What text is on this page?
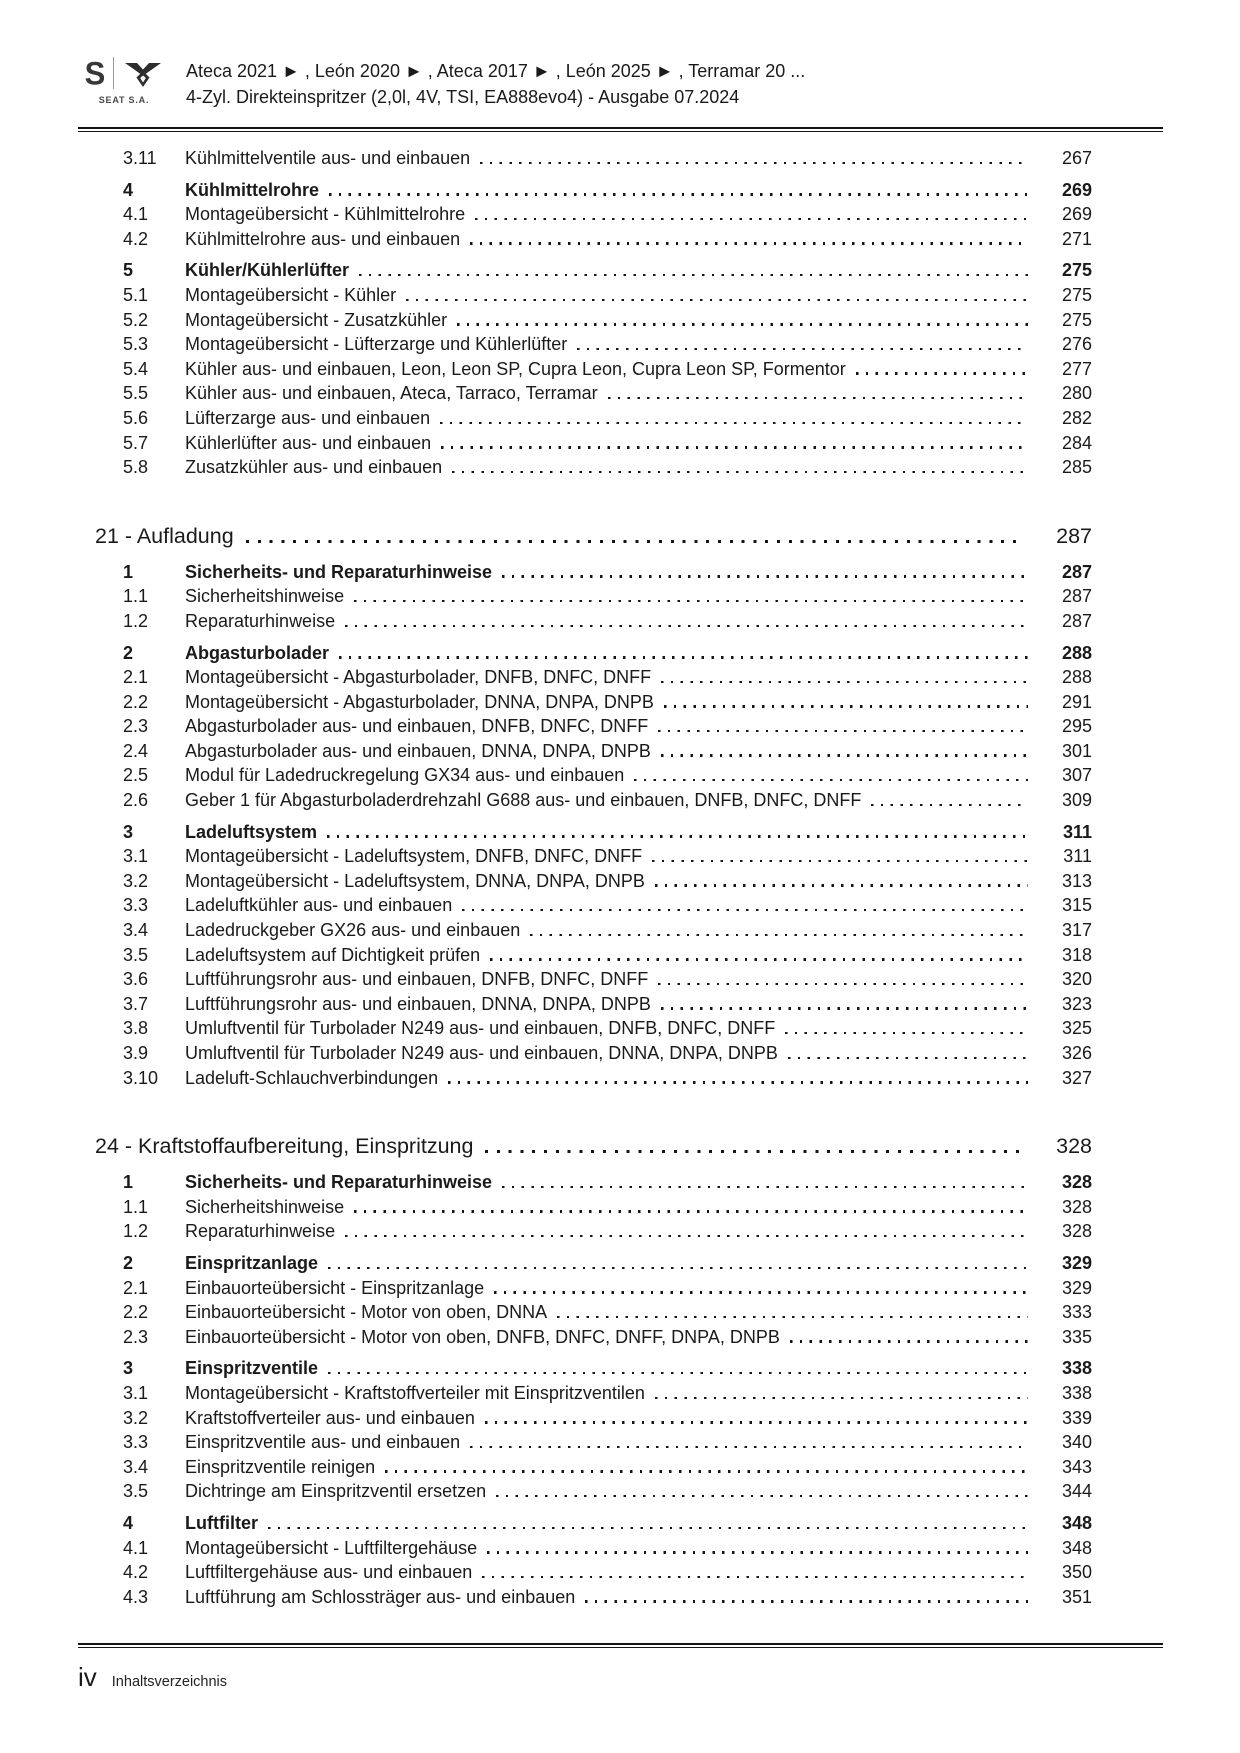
S
SEAT S.A.
Ateca 2021 ► , León 2020 ► , Ateca 2017 ► , León 2025 ► , Terramar 20 ...
4-Zyl. Direkteinspritzer (2,0l, 4V, TSI, EA888evo4) - Ausgabe 07.2024
3.11	Kühlmittelventile aus- und einbauen	267
4	Kühlmittelrohre	269
4.1	Montageübersicht - Kühlmittelrohre	269
4.2	Kühlmittelrohre aus- und einbauen	271
5	Kühler/Kühlerlüfter	275
5.1	Montageübersicht - Kühler	275
5.2	Montageübersicht - Zusatzkühler	275
5.3	Montageübersicht - Lüfterzarge und Kühlerlüfter	276
5.4	Kühler aus- und einbauen, Leon, Leon SP, Cupra Leon, Cupra Leon SP, Formentor	277
5.5	Kühler aus- und einbauen, Ateca, Tarraco, Terramar	280
5.6	Lüfterzarge aus- und einbauen	282
5.7	Kühlerlüfter aus- und einbauen	284
5.8	Zusatzkühler aus- und einbauen	285
21 - Aufladung	287
1	Sicherheits- und Reparaturhinweise	287
1.1	Sicherheitshinweise	287
1.2	Reparaturhinweise	287
2	Abgasturbolader	288
2.1	Montageübersicht - Abgasturbolader, DNFB, DNFC, DNFF	288
2.2	Montageübersicht - Abgasturbolader, DNNA, DNPA, DNPB	291
2.3	Abgasturbolader aus- und einbauen, DNFB, DNFC, DNFF	295
2.4	Abgasturbolader aus- und einbauen, DNNA, DNPA, DNPB	301
2.5	Modul für Ladedruckregelung GX34 aus- und einbauen	307
2.6	Geber 1 für Abgasturboladerdrehzahl G688 aus- und einbauen, DNFB, DNFC, DNFF	309
3	Ladeluftsystem	311
3.1	Montageübersicht - Ladeluftsystem, DNFB, DNFC, DNFF	311
3.2	Montageübersicht - Ladeluftsystem, DNNA, DNPA, DNPB	313
3.3	Ladeluftkühler aus- und einbauen	315
3.4	Ladedruckgeber GX26 aus- und einbauen	317
3.5	Ladeluftsystem auf Dichtigkeit prüfen	318
3.6	Luftführungsrohr aus- und einbauen, DNFB, DNFC, DNFF	320
3.7	Luftführungsrohr aus- und einbauen, DNNA, DNPA, DNPB	323
3.8	Umluftventil für Turbolader N249 aus- und einbauen, DNFB, DNFC, DNFF	325
3.9	Umluftventil für Turbolader N249 aus- und einbauen, DNNA, DNPA, DNPB	326
3.10	Ladeluft-Schlauchverbindungen	327
24 - Kraftstoffaufbereitung, Einspritzung	328
1	Sicherheits- und Reparaturhinweise	328
1.1	Sicherheitshinweise	328
1.2	Reparaturhinweise	328
2	Einspritzanlage	329
2.1	Einbauorteübersicht - Einspritzanlage	329
2.2	Einbauorteübersicht - Motor von oben, DNNA	333
2.3	Einbauorteübersicht - Motor von oben, DNFB, DNFC, DNFF, DNPA, DNPB	335
3	Einspritzventile	338
3.1	Montageübersicht - Kraftstoffverteiler mit Einspritzventilen	338
3.2	Kraftstoffverteiler aus- und einbauen	339
3.3	Einspritzventile aus- und einbauen	340
3.4	Einspritzventile reinigen	343
3.5	Dichtringe am Einspritzventil ersetzen	344
4	Luftfilter	348
4.1	Montageübersicht - Luftfiltergehäuse	348
4.2	Luftfiltergehäuse aus- und einbauen	350
4.3	Luftführung am Schlossträger aus- und einbauen	351
iv Inhaltsverzeichnis
